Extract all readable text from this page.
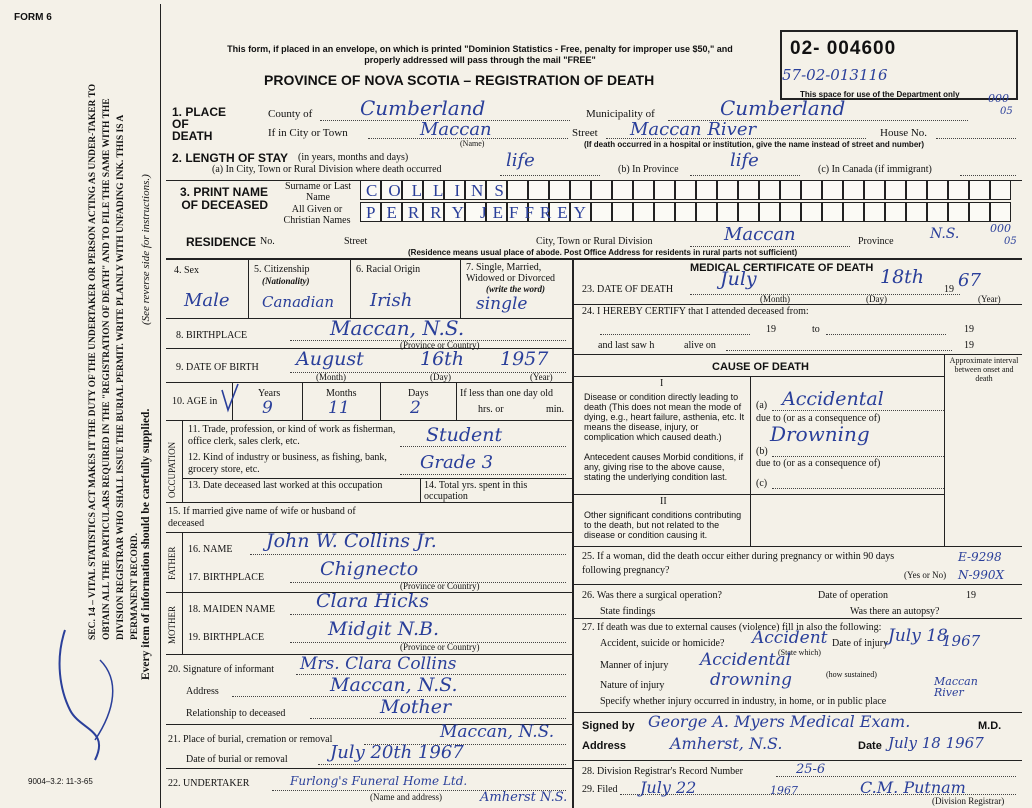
FORM 6
SEC. 14 – VITAL STATISTICS ACT MAKES IT THE DUTY OF THE UNDERTAKER OR PERSON ACTING AS UNDER-TAKER TO OBTAIN ALL THE PARTICULARS REQUIRED IN THE "REGISTRATION OF DEATH" AND TO FILE THE SAME WITH THE DIVISION REGISTRAR WHO SHALL ISSUE THE BURIAL PERMIT. WRITE PLAINLY WITH UNFADING INK. THIS IS A PERMANENT RECORD. Every item of information should be carefully supplied.
(See reverse side for instructions.)
9004–3.2: 11-3-65
This form, if placed in an envelope, on which is printed "Dominion Statistics - Free, penalty for improper use $50," and properly addressed will pass through the mail "FREE"
PROVINCE OF NOVA SCOTIA – REGISTRATION OF DEATH
02- 004600
57-02-013116
This space for use of the Department only	000
05
1. PLACE OF DEATH
County of Cumberland	Municipality of	Cumberland
If in City or Town	Maccan
(Name)
Street Maccan River	House No.
(If death occurred in a hospital or institution, give the name instead of street and number)
2. LENGTH OF STAY (in years, months and days)
(a) In City, Town or Rural Division where death occurred	life	(b) In Province	life	(c) In Canada (if immigrant)
3. PRINT NAME OF DECEASED
Surname or Last Name
All Given or Christian Names
COLLINS
PERRY JEFFREY
RESIDENCE No.	Street	City, Town or Rural Division	Maccan	Province	N.S.	000
05
(Residence means usual place of abode. Post Office Address for residents in rural parts not sufficient)
4. Sex
Male
5. Citizenship
(Nationality)
Canadian
6. Racial Origin
Irish
7. Single, Married, Widowed or Divorced
(write the word)
single
8. BIRTHPLACE	Maccan, N.S.
(Province or Country)
9. DATE OF BIRTH August	16th 1957
(Month)	(Day)	(Year)
10. AGE in
Years	Months	Days
9	11	2
If less than one day old
hrs. or	min.
OCCUPATION
11. Trade, profession, or kind of work as fisherman, office clerk, sales clerk, etc.	Student
12. Kind of industry or business, as fishing, bank, grocery store, etc.	Grade 3
13. Date deceased last worked at this occupation	14. Total yrs. spent in this occupation
15. If married give name of wife or husband of deceased
FATHER 16. NAME John W. Collins Jr.
17. BIRTHPLACE	Chignecto
(Province or Country)
MOTHER 18. MAIDEN NAME Clara Hicks
19. BIRTHPLACE	Midgit N.B.
(Province or Country)
20. Signature of informant Mrs. Clara Collins
Address	Maccan, N.S.
Relationship to deceased	Mother
21. Place of burial, cremation or removal	Maccan, N.S.
Date of burial or removal July 20th 1967
22. UNDERTAKER	Furlong's Funeral Home Ltd.
Amherst N.S.
(Name and address)
MEDICAL CERTIFICATE OF DEATH
23. DATE OF DEATH July	18th
19 67
(Month)	(Day)	(Year)
24. I HEREBY CERTIFY that I attended deceased from:
19	to	19
and last saw h	alive on	19
CAUSE OF DEATH
Approximate interval between onset and death
I
Disease or condition directly leading to death (This does not mean the mode of dying, e.g., heart failure, asthenia, etc. It means the disease, injury, or complication which caused death.)
(a) Accidental
due to (or as a consequence of)
Drowning
Antecedent causes Morbid conditions, if any, giving rise to the above cause, stating the underlying condition last.
(b)
due to (or as a consequence of)
(c)
II
Other significant conditions contributing to the death, but not related to the disease or condition causing it.
25. If a woman, did the death occur either during pregnancy or within 90 days following pregnancy?	(Yes or No)
E-9298
N-990X
26. Was there a surgical operation?	Date of operation	19
State findings	Was there an autopsy?
27. If death was due to external causes (violence) fill in also the following:
Accident, suicide or homicide? Accident
(State which)
Date of injury July 18
1967
Manner of injury Accidental
(how sustained)
Nature of injury	drowning
Specify whether injury occurred in industry, in home, or in public place
Maccan River
Signed by George A. Myers Medical Exam.	M.D.
Address	Amherst, N.S.	Date July 18 1967
28. Division Registrar's Record Number	25-6
29. Filed July 22	1967	C.M. Putnam
(Division Registrar)
